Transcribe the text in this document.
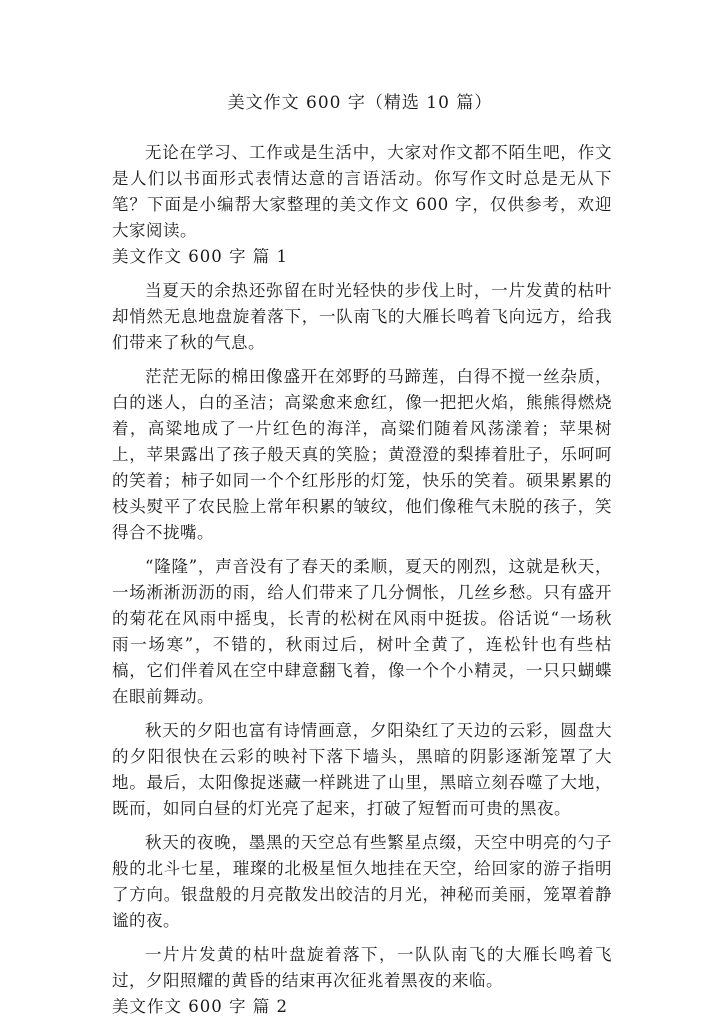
美文作文 600 字（精选 10 篇）

无论在学习、工作或是生活中，大家对作文都不陌生吧，作文是人们以书面形式表情达意的言语活动。你写作文时总是无从下笔？下面是小编帮大家整理的美文作文 600 字，仅供参考，欢迎大家阅读。

美文作文 600 字 篇 1

当夏天的余热还弥留在时光轻快的步伐上时，一片发黄的枯叶却悄然无息地盘旋着落下，一队南飞的大雁长鸣着飞向远方，给我们带来了秋的气息。

茫茫无际的棉田像盛开在郊野的马蹄莲，白得不搅一丝杂质，白的迷人，白的圣洁；高粱愈来愈红，像一把把火焰，熊熊得燃烧着，高粱地成了一片红色的海洋，高粱们随着风荡漾着；苹果树上，苹果露出了孩子般天真的笑脸；黄澄澄的梨捧着肚子，乐呵呵的笑着；柿子如同一个个红彤彤的灯笼，快乐的笑着。硕果累累的枝头熨平了农民脸上常年积累的皱纹，他们像稚气未脱的孩子，笑得合不拢嘴。

“隆隆”，声音没有了春天的柔顺，夏天的刚烈，这就是秋天，一场淅淅沥沥的雨，给人们带来了几分惆怅，几丝乡愁。只有盛开的菊花在风雨中摇曳，长青的松树在风雨中挺拔。俗话说“一场秋雨一场寒”，不错的，秋雨过后，树叶全黄了，连松针也有些枯槁，它们伴着风在空中肆意翻飞着，像一个个小精灵，一只只蝴蝶在眼前舞动。

秋天的夕阳也富有诗情画意，夕阳染红了天边的云彩，圆盘大的夕阳很快在云彩的映衬下落下墙头，黑暗的阴影逐渐笼罩了大地。最后，太阳像捉迷藏一样跳进了山里，黑暗立刻吞噬了大地，既而，如同白昼的灯光亮了起来，打破了短暂而可贵的黑夜。

秋天的夜晚，墨黑的天空总有些繁星点缀，天空中明亮的勺子般的北斗七星，璀璨的北极星恒久地挂在天空，给回家的游子指明了方向。银盘般的月亮散发出皎洁的月光，神秘而美丽，笼罩着静谧的夜。

一片片发黄的枯叶盘旋着落下，一队队南飞的大雁长鸣着飞过，夕阳照耀的黄昏的结束再次征兆着黑夜的来临。

美文作文 600 字 篇 2
